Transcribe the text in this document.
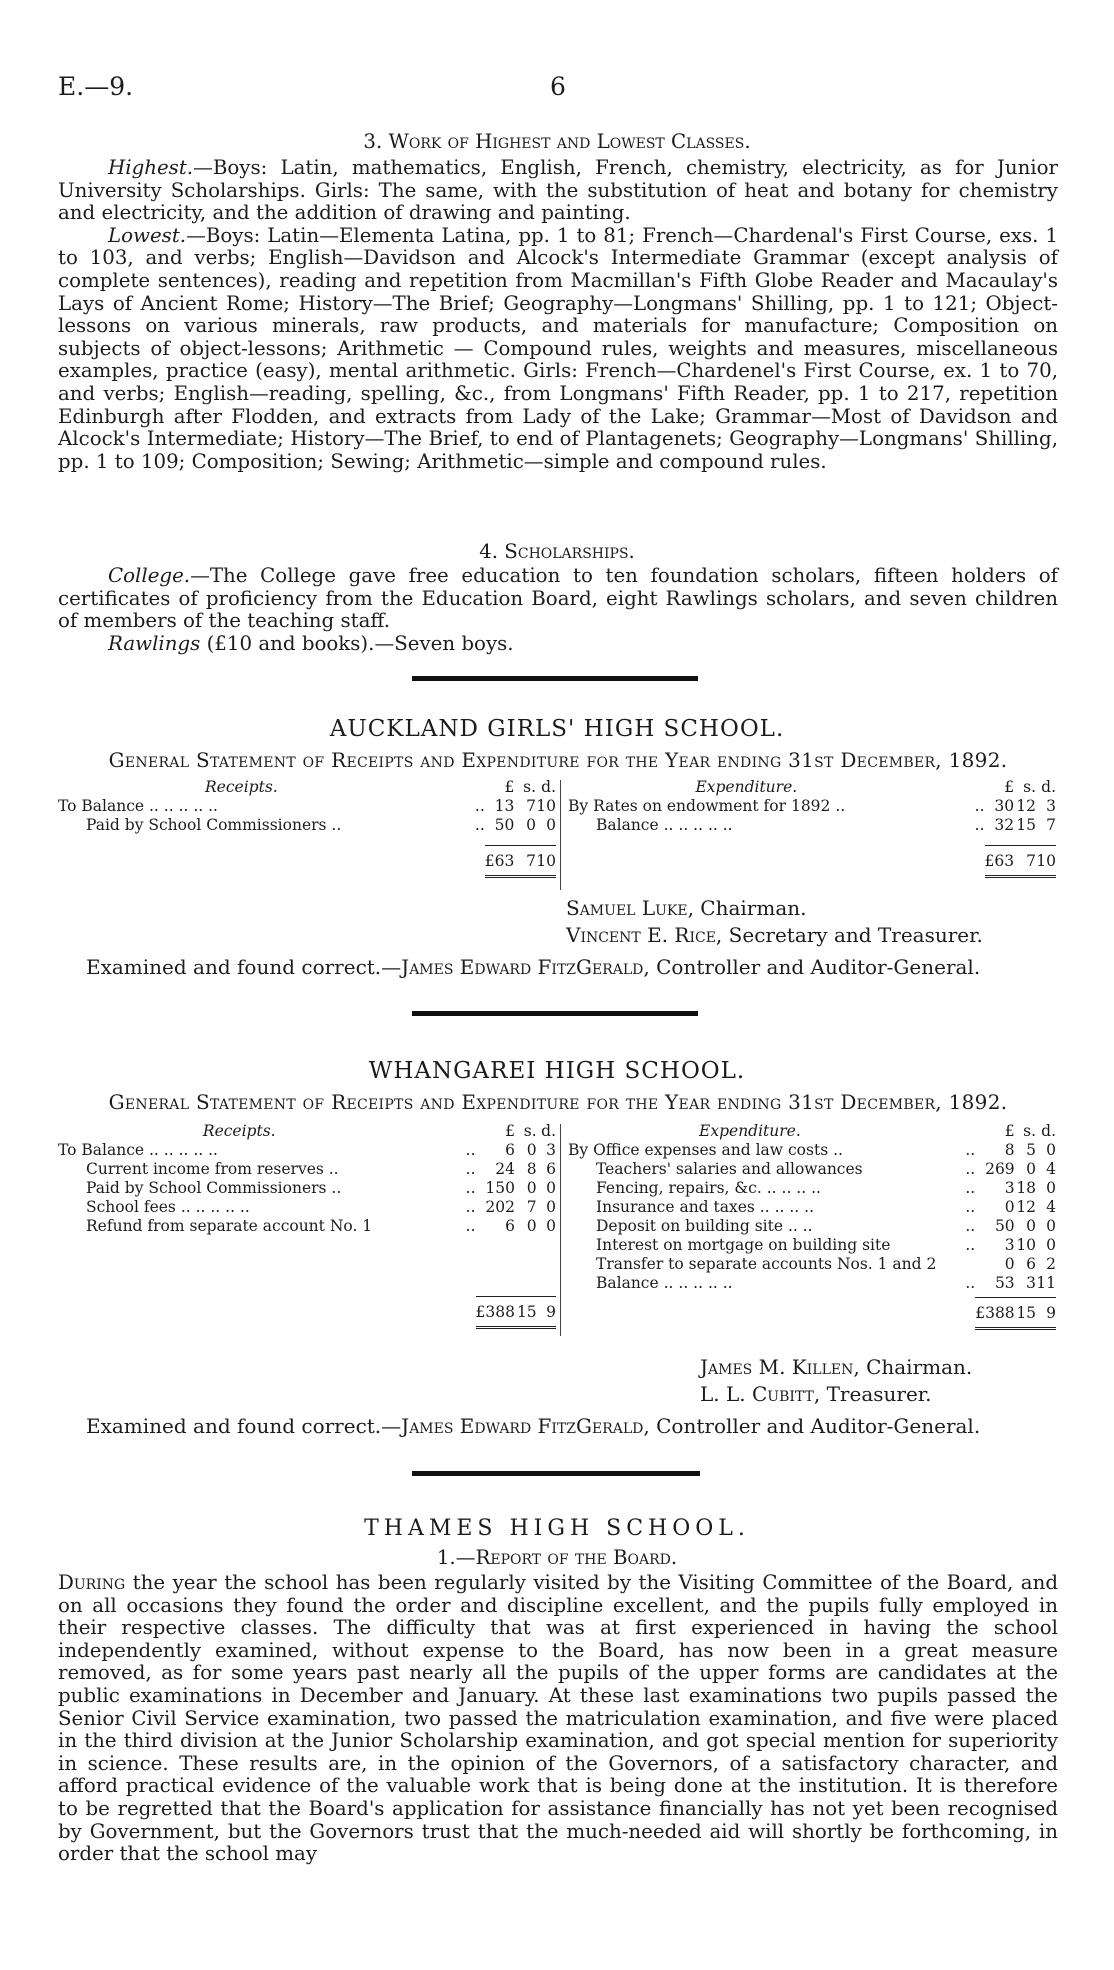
E.—9.	6
3. Work of Highest and Lowest Classes.

Highest.—Boys: Latin, mathematics, English, French, chemistry, electricity, as for Junior University Scholarships. Girls: The same, with the substitution of heat and botany for chemistry and electricity, and the addition of drawing and painting.

Lowest.—Boys: Latin—Elementa Latina, pp. 1 to 81; French—Chardenal's First Course, exs. 1 to 103, and verbs; English—Davidson and Alcock's Intermediate Grammar (except analysis of complete sentences), reading and repetition from Macmillan's Fifth Globe Reader and Macaulay's Lays of Ancient Rome; History—The Brief; Geography—Longmans' Shilling, pp. 1 to 121; Object-lessons on various minerals, raw products, and materials for manufacture; Composition on subjects of object-lessons; Arithmetic — Compound rules, weights and measures, miscellaneous examples, practice (easy), mental arithmetic. Girls: French—Chardenel's First Course, ex. 1 to 70, and verbs; English—reading, spelling, &c., from Longmans' Fifth Reader, pp. 1 to 217, repetition Edinburgh after Flodden, and extracts from Lady of the Lake; Grammar—Most of Davidson and Alcock's Intermediate; History—The Brief, to end of Plantagenets; Geography—Longmans' Shilling, pp. 1 to 109; Composition; Sewing; Arithmetic—simple and compound rules.

4. Scholarships.

College.—The College gave free education to ten foundation scholars, fifteen holders of certificates of proficiency from the Education Board, eight Rawlings scholars, and seven children of members of the teaching staff.

Rawlings (£10 and books).—Seven boys.

AUCKLAND GIRLS' HIGH SCHOOL.
General Statement of Receipts and Expenditure for the Year ending 31st December, 1892.
Receipts.		£	s.	d.
To Balance .. .. .. .. ..	..	13	7	10
Paid by School Commissioners ..	..	50	0	0

		£63	7	10

Expenditure.		£	s.	d.
By Rates on endowment for 1892 ..	..	30	12	3
Balance .. .. .. .. ..	..	32	15	7

		£63	7	10

Samuel Luke, Chairman.
Vincent E. Rice, Secretary and Treasurer.
Examined and found correct.—James Edward FitzGerald, Controller and Auditor-General.
WHANGAREI HIGH SCHOOL.
General Statement of Receipts and Expenditure for the Year ending 31st December, 1892.
Receipts.		£	s.	d.
To Balance .. .. .. .. ..	..	6	0	3
Current income from reserves ..	..	24	8	6
Paid by School Commissioners ..	..	150	0	0
School fees .. .. .. .. ..	..	202	7	0
Refund from separate account No. 1	..	6	0	0

		£388	15	9

Expenditure.		£	s.	d.
By Office expenses and law costs ..	..	8	5	0
Teachers' salaries and allowances	..	269	0	4
Fencing, repairs, &c. .. .. .. ..	..	3	18	0
Insurance and taxes .. .. .. ..	..	0	12	4
Deposit on building site .. ..	..	50	0	0
Interest on mortgage on building site	..	3	10	0
Transfer to separate accounts Nos. 1 and 2		0	6	2
Balance .. .. .. .. ..	..	53	3	11

		£388	15	9

James M. Killen, Chairman.
L. L. Cubitt, Treasurer.
Examined and found correct.—James Edward FitzGerald, Controller and Auditor-General.
THAMES HIGH SCHOOL.
1.—Report of the Board.

During the year the school has been regularly visited by the Visiting Committee of the Board, and on all occasions they found the order and discipline excellent, and the pupils fully employed in their respective classes. The difficulty that was at first experienced in having the school independently examined, without expense to the Board, has now been in a great measure removed, as for some years past nearly all the pupils of the upper forms are candidates at the public examinations in December and January. At these last examinations two pupils passed the Senior Civil Service examination, two passed the matriculation examination, and five were placed in the third division at the Junior Scholarship examination, and got special mention for superiority in science. These results are, in the opinion of the Governors, of a satisfactory character, and afford practical evidence of the valuable work that is being done at the institution. It is therefore to be regretted that the Board's application for assistance financially has not yet been recognised by Government, but the Governors trust that the much-needed aid will shortly be forthcoming, in order that the school may
